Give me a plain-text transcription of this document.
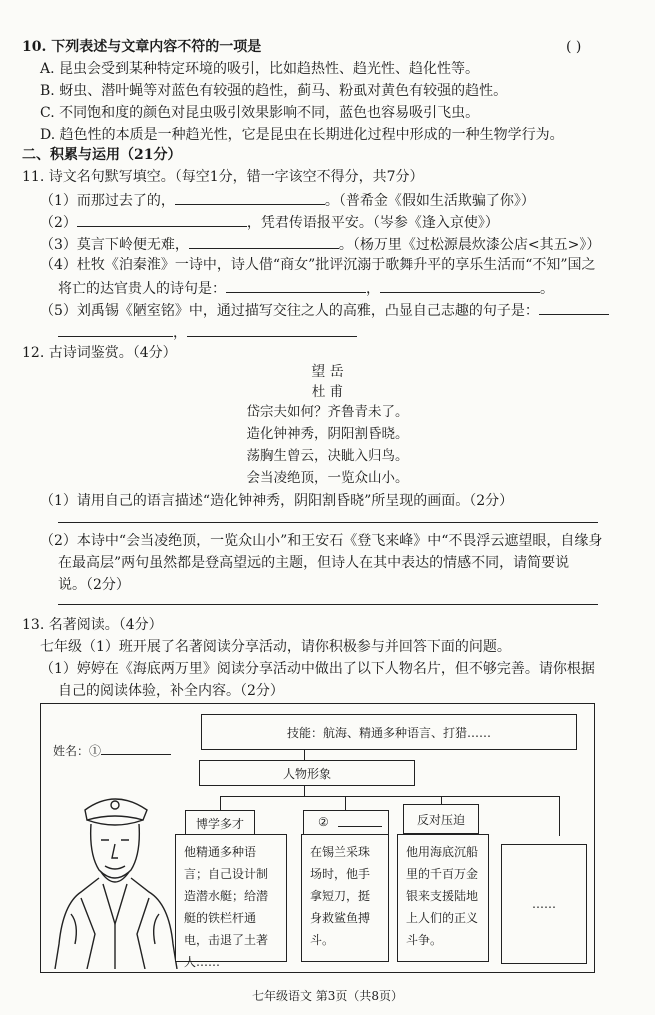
10. 下列表述与文章内容不符的一项是	( )
A. 昆虫会受到某种特定环境的吸引，比如趋热性、趋光性、趋化性等。
B. 蚜虫、潜叶蝇等对蓝色有较强的趋性，蓟马、粉虱对黄色有较强的趋性。
C. 不同饱和度的颜色对昆虫吸引效果影响不同，蓝色也容易吸引飞虫。
D. 趋色性的本质是一种趋光性，它是昆虫在长期进化过程中形成的一种生物学行为。
二、积累与运用（21分）
11. 诗文名句默写填空。（每空1分，错一字该空不得分，共7分）
（1）而那过去了的，	。（普希金《假如生活欺骗了你》）
（2）	，凭君传语报平安。（岑参《逢入京使》）
（3）莫言下岭便无难，	。（杨万里《过松源晨炊漆公店<其五>》）
（4）杜牧《泊秦淮》一诗中，诗人借“商女”批评沉溺于歌舞升平的享乐生活而“不知”国之
将亡的达官贵人的诗句是：	，	。
（5）刘禹锡《陋室铭》中，通过描写交往之人的高雅，凸显自己志趣的句子是：
，
12. 古诗词鉴赏。（4分）
望 岳
杜 甫
岱宗夫如何？齐鲁青未了。
造化钟神秀，阴阳割昏晓。
荡胸生曾云，决眦入归鸟。
会当凌绝顶，一览众山小。
（1）请用自己的语言描述“造化钟神秀，阴阳割昏晓”所呈现的画面。（2分）
（2）本诗中“会当凌绝顶，一览众山小”和王安石《登飞来峰》中“不畏浮云遮望眼，自缘身
在最高层”两句虽然都是登高望远的主题，但诗人在其中表达的情感不同，请简要说
说。（2分）
13. 名著阅读。（4分）
七年级（1）班开展了名著阅读分享活动，请你积极参与并回答下面的问题。
（1）婷婷在《海底两万里》阅读分享活动中做出了以下人物名片，但不够完善。请你根据
自己的阅读体验，补全内容。（2分）
姓名：①
技能：航海、精通多种语言、打猎……
人物形象
博学多才	②	反对压迫
他精通多种语言；自己设计制造潜水艇；给潜艇的铁栏杆通电，击退了土著人……
在锡兰采珠场时，他手拿短刀，挺身救鲨鱼搏斗。
他用海底沉船里的千百万金银来支援陆地上人们的正义斗争。
……
七年级语文 第3页（共8页）
